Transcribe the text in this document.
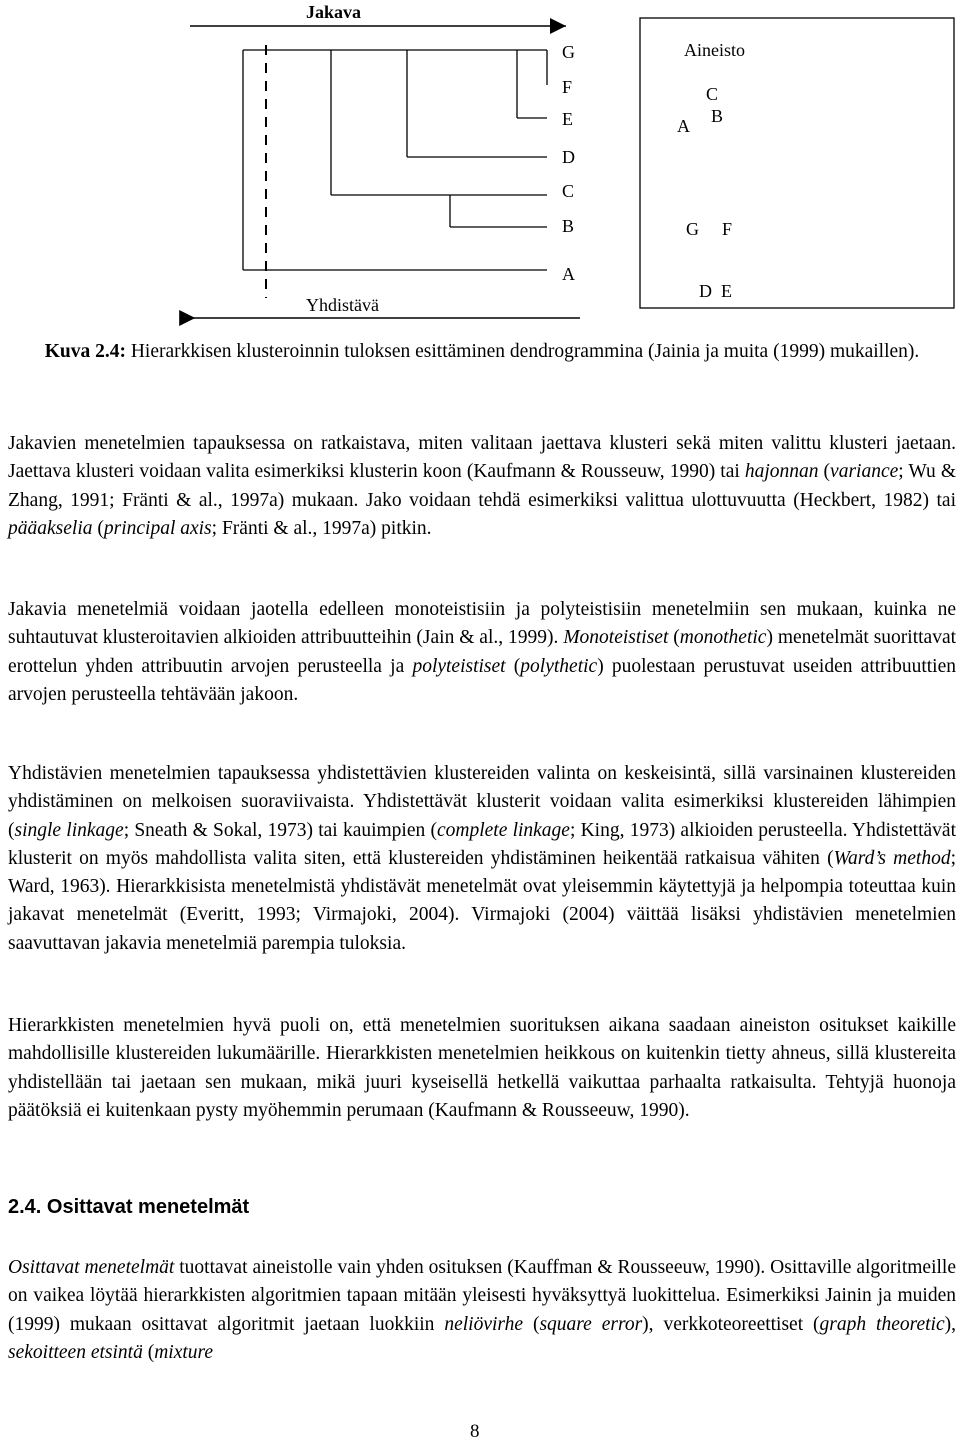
Jakava
Yhdistävä
Aineisto
G
F
E
D
C
B
A
C
A B
G F
D E
Kuva 2.4: Hierarkkisen klusteroinnin tuloksen esittäminen dendrogrammina (Jainia ja muita (1999) mukaillen).
Jakavien menetelmien tapauksessa on ratkaistava, miten valitaan jaettava klusteri sekä miten valittu klusteri jaetaan. Jaettava klusteri voidaan valita esimerkiksi klusterin koon (Kaufmann & Rousseuw, 1990) tai hajonnan (variance; Wu & Zhang, 1991; Fränti & al., 1997a) mukaan. Jako voidaan tehdä esimerkiksi valittua ulottuvuutta (Heckbert, 1982) tai pääakselia (principal axis; Fränti & al., 1997a) pitkin.
Jakavia menetelmiä voidaan jaotella edelleen monoteistisiin ja polyteistisiin menetelmiin sen mukaan, kuinka ne suhtautuvat klusteroitavien alkioiden attribuutteihin (Jain & al., 1999). Monoteistiset (monothetic) menetelmät suorittavat erottelun yhden attribuutin arvojen perusteella ja polyteistiset (polythetic) puolestaan perustuvat useiden attribuuttien arvojen perusteella tehtävään jakoon.
Yhdistävien menetelmien tapauksessa yhdistettävien klustereiden valinta on keskeisintä, sillä varsinainen klustereiden yhdistäminen on melkoisen suoraviivaista. Yhdistettävät klusterit voidaan valita esimerkiksi klustereiden lähimpien (single linkage; Sneath & Sokal, 1973) tai kauimpien (complete linkage; King, 1973) alkioiden perusteella. Yhdistettävät klusterit on myös mahdollista valita siten, että klustereiden yhdistäminen heikentää ratkaisua vähiten (Ward’s method; Ward, 1963). Hierarkkisista menetelmistä yhdistävät menetelmät ovat yleisemmin käytettyjä ja helpompia toteuttaa kuin jakavat menetelmät (Everitt, 1993; Virmajoki, 2004). Virmajoki (2004) väittää lisäksi yhdistävien menetelmien saavuttavan jakavia menetelmiä parempia tuloksia.
Hierarkkisten menetelmien hyvä puoli on, että menetelmien suorituksen aikana saadaan aineiston ositukset kaikille mahdollisille klustereiden lukumäärille. Hierarkkisten menetelmien heikkous on kuitenkin tietty ahneus, sillä klustereita yhdistellään tai jaetaan sen mukaan, mikä juuri kyseisellä hetkellä vaikuttaa parhaalta ratkaisulta. Tehtyjä huonoja päätöksiä ei kuitenkaan pysty myöhemmin perumaan (Kaufmann & Rousseeuw, 1990).
2.4. Osittavat menetelmät
Osittavat menetelmät tuottavat aineistolle vain yhden osituksen (Kauffman & Rousseeuw, 1990). Osittaville algoritmeille on vaikea löytää hierarkkisten algoritmien tapaan mitään yleisesti hyväksyttyä luokittelua. Esimerkiksi Jainin ja muiden (1999) mukaan osittavat algoritmit jaetaan luokkiin neliövirhe (square error), verkkoteoreettiset (graph theoretic), sekoitteen etsintä (mixture
8
